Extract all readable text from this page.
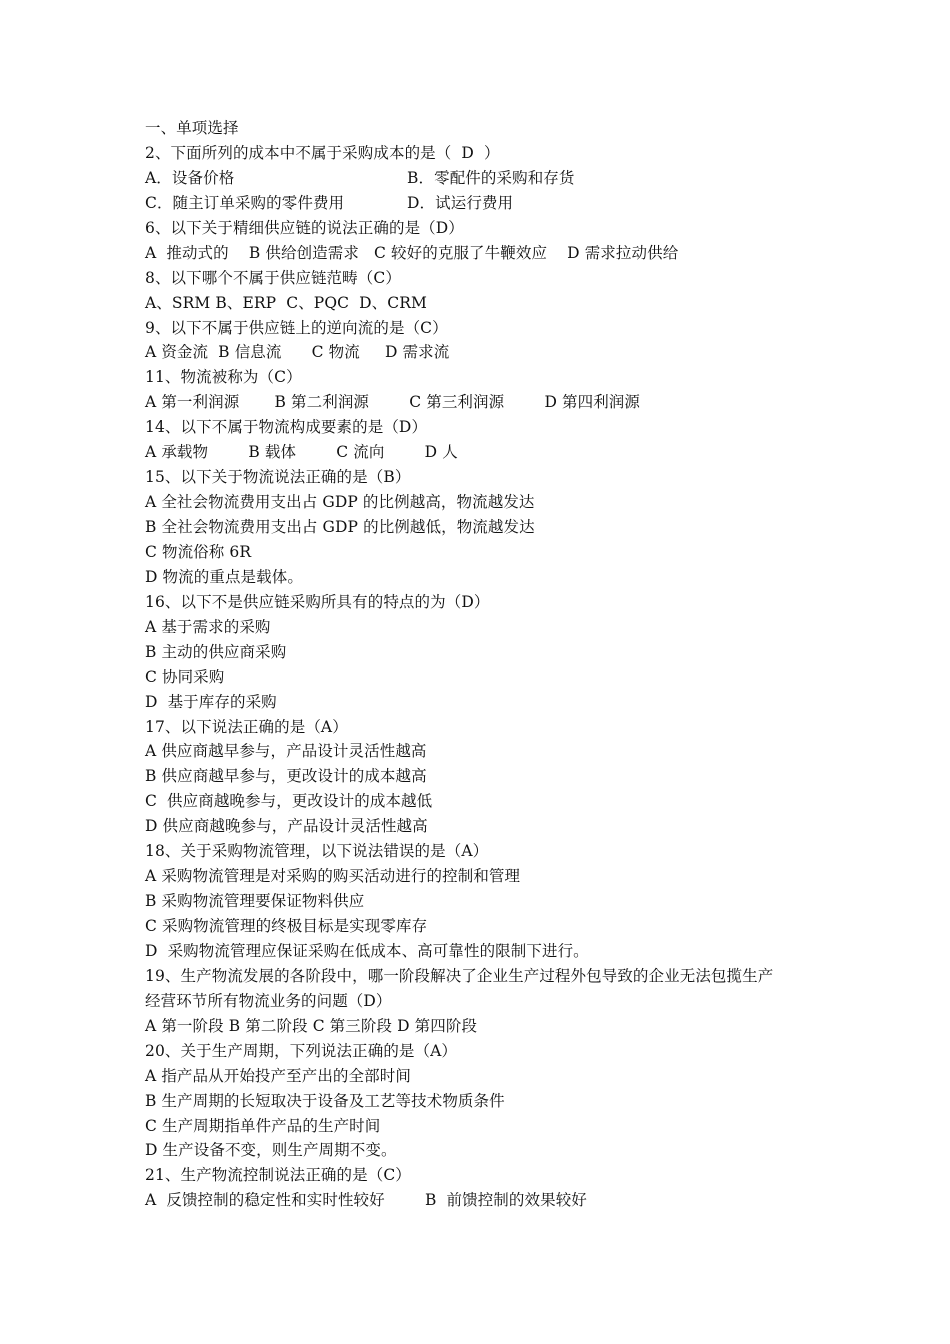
一、单项选择
2、下面所列的成本中不属于采购成本的是（  D  ）
A．设备价格	B．零配件的采购和存货
C．随主订单采购的零件费用	D．试运行费用
6、以下关于精细供应链的说法正确的是（D）
A  推动式的    B 供给创造需求   C 较好的克服了牛鞭效应    D 需求拉动供给
8、以下哪个不属于供应链范畴（C）
A、SRM B、ERP  C、PQC  D、CRM
9、以下不属于供应链上的逆向流的是（C）
A 资金流  B 信息流      C 物流     D 需求流
11、物流被称为（C）
A 第一利润源       B 第二利润源        C 第三利润源        D 第四利润源
14、以下不属于物流构成要素的是（D）
A 承载物        B 载体        C 流向        D 人
15、以下关于物流说法正确的是（B）
A 全社会物流费用支出占 GDP 的比例越高，物流越发达
B 全社会物流费用支出占 GDP 的比例越低，物流越发达
C 物流俗称 6R
D 物流的重点是载体。
16、以下不是供应链采购所具有的特点的为（D）
A 基于需求的采购
B 主动的供应商采购
C 协同采购
D  基于库存的采购
17、以下说法正确的是（A）
A 供应商越早参与，产品设计灵活性越高
B 供应商越早参与，更改设计的成本越高
C  供应商越晚参与，更改设计的成本越低
D 供应商越晚参与，产品设计灵活性越高
18、关于采购物流管理，以下说法错误的是（A）
A 采购物流管理是对采购的购买活动进行的控制和管理
B 采购物流管理要保证物料供应
C 采购物流管理的终极目标是实现零库存
D  采购物流管理应保证采购在低成本、高可靠性的限制下进行。
19、生产物流发展的各阶段中，哪一阶段解决了企业生产过程外包导致的企业无法包揽生产
经营环节所有物流业务的问题（D）
A 第一阶段 B 第二阶段 C 第三阶段 D 第四阶段
20、关于生产周期，下列说法正确的是（A）
A 指产品从开始投产至产出的全部时间
B 生产周期的长短取决于设备及工艺等技术物质条件
C 生产周期指单件产品的生产时间
D 生产设备不变，则生产周期不变。
21、生产物流控制说法正确的是（C）
A  反馈控制的稳定性和实时性较好        B  前馈控制的效果较好
